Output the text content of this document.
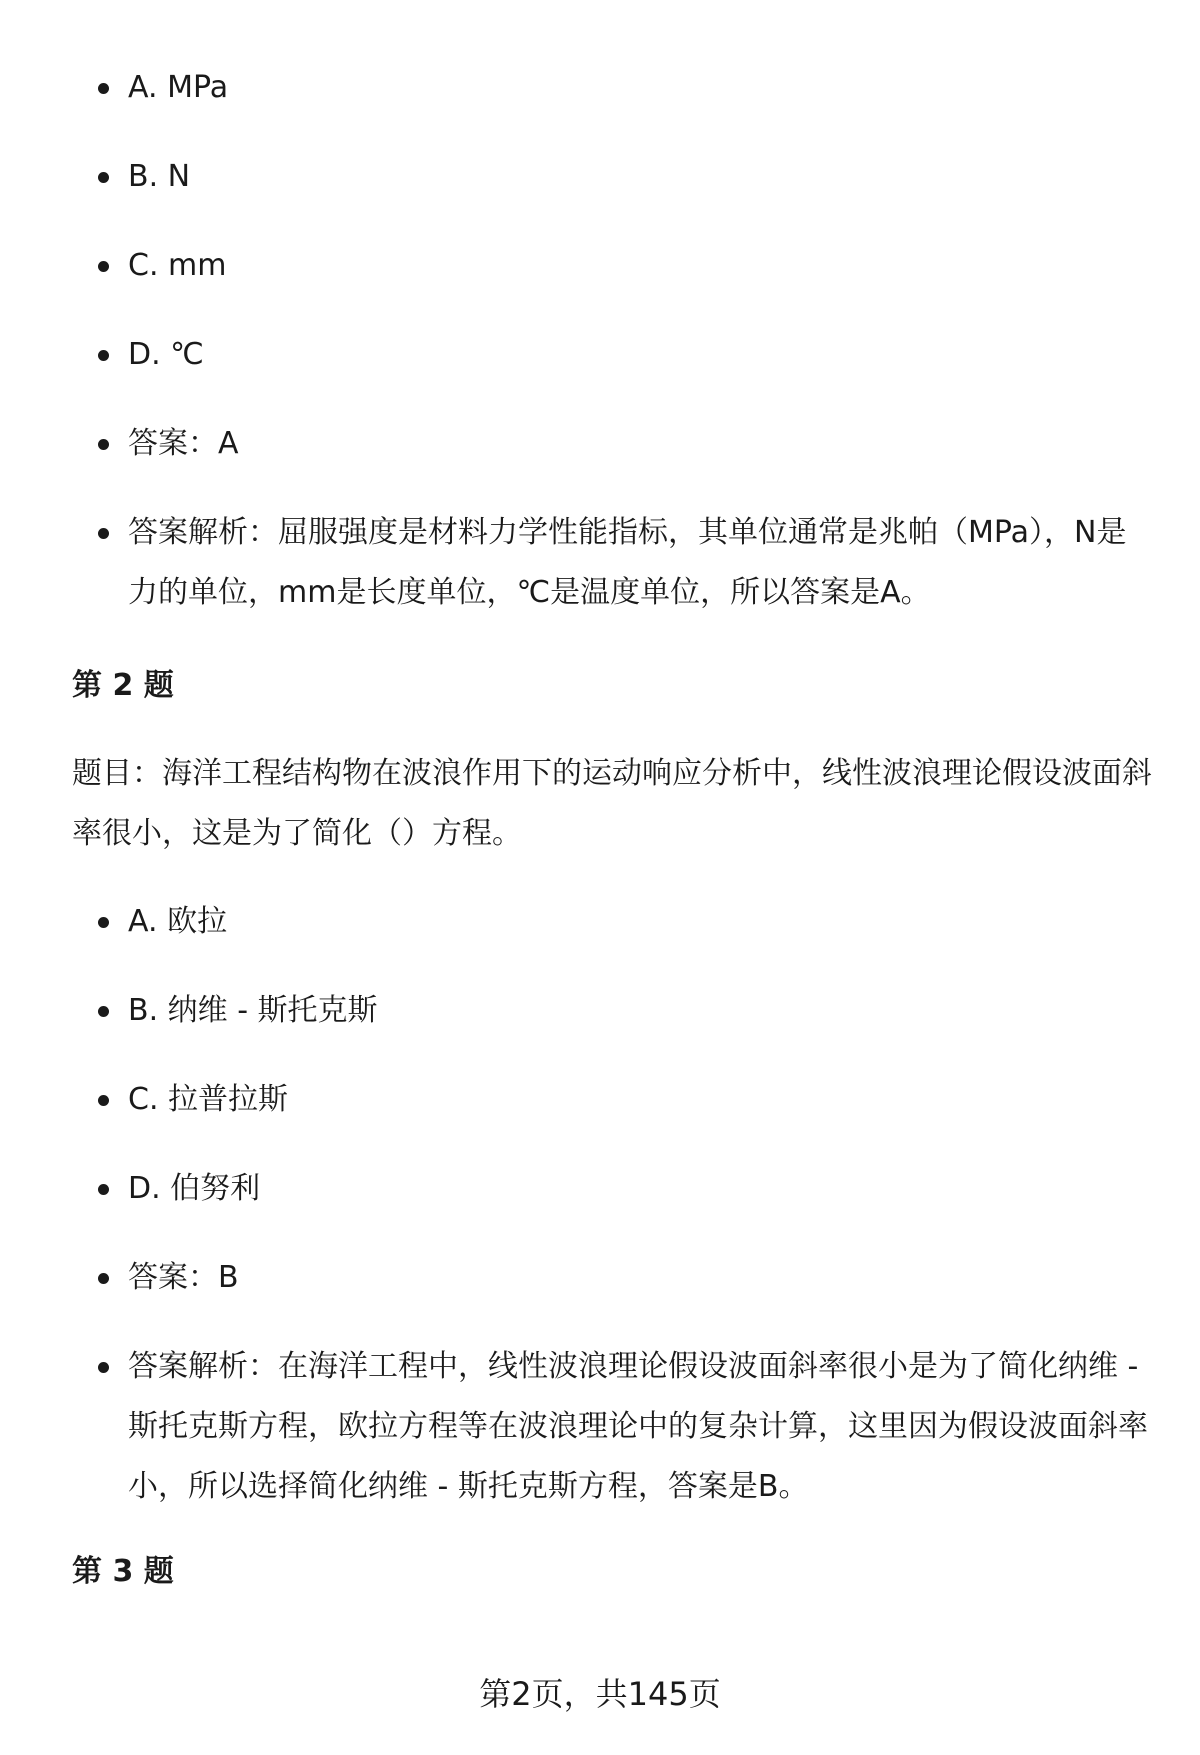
A. MPa
B. N
C. mm
D. ℃
答案：A
答案解析：屈服强度是材料力学性能指标，其单位通常是兆帕（MPa），N是力的单位，mm是长度单位，℃是温度单位，所以答案是A。
第 2 题

题目：海洋工程结构物在波浪作用下的运动响应分析中，线性波浪理论假设波面斜率很小，这是为了简化（）方程。

A. 欧拉
B. 纳维 - 斯托克斯
C. 拉普拉斯
D. 伯努利
答案：B
答案解析：在海洋工程中，线性波浪理论假设波面斜率很小是为了简化纳维 - 斯托克斯方程，欧拉方程等在波浪理论中的复杂计算，这里因为假设波面斜率小，所以选择简化纳维 - 斯托克斯方程，答案是B。
第 3 题
第2页，共145页
